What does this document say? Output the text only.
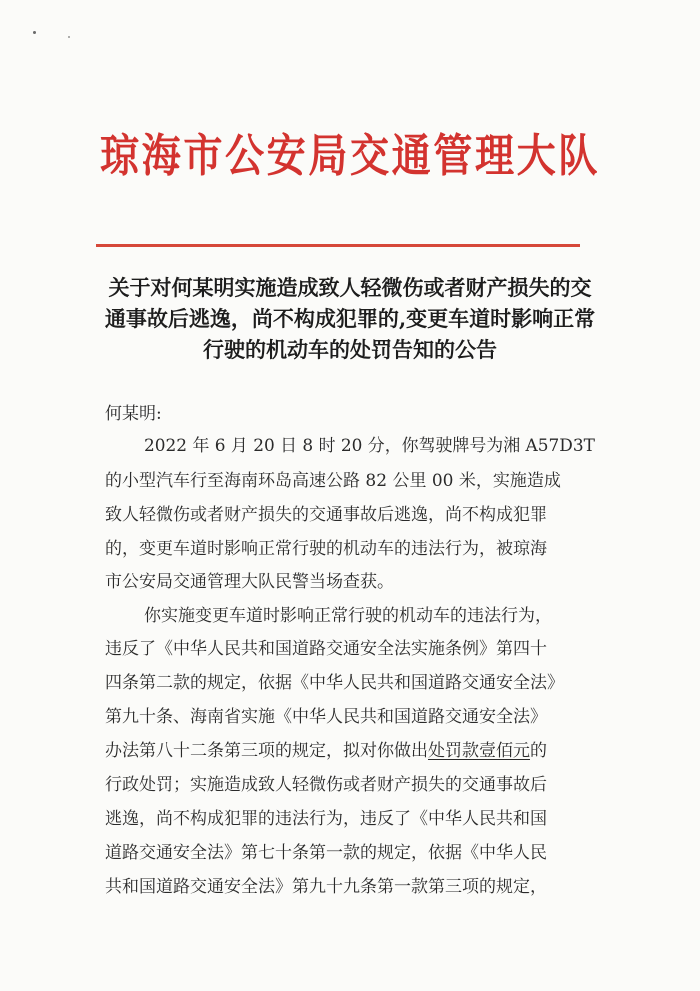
琼海市公安局交通管理大队
关于对何某明实施造成致人轻微伤或者财产损失的交
通事故后逃逸，尚不构成犯罪的,变更车道时影响正常
行驶的机动车的处罚告知的公告
何某明:
2022 年 6 月 20 日 8 时 20 分，你驾驶牌号为湘 A57D3T
的小型汽车行至海南环岛高速公路 82 公里 00 米，实施造成
致人轻微伤或者财产损失的交通事故后逃逸，尚不构成犯罪
的，变更车道时影响正常行驶的机动车的违法行为，被琼海
市公安局交通管理大队民警当场查获。
你实施变更车道时影响正常行驶的机动车的违法行为，
违反了《中华人民共和国道路交通安全法实施条例》第四十
四条第二款的规定，依据《中华人民共和国道路交通安全法》
第九十条、海南省实施《中华人民共和国道路交通安全法》
办法第八十二条第三项的规定，拟对你做出处罚款壹佰元的
行政处罚；实施造成致人轻微伤或者财产损失的交通事故后
逃逸，尚不构成犯罪的违法行为，违反了《中华人民共和国
道路交通安全法》第七十条第一款的规定，依据《中华人民
共和国道路交通安全法》第九十九条第一款第三项的规定，
